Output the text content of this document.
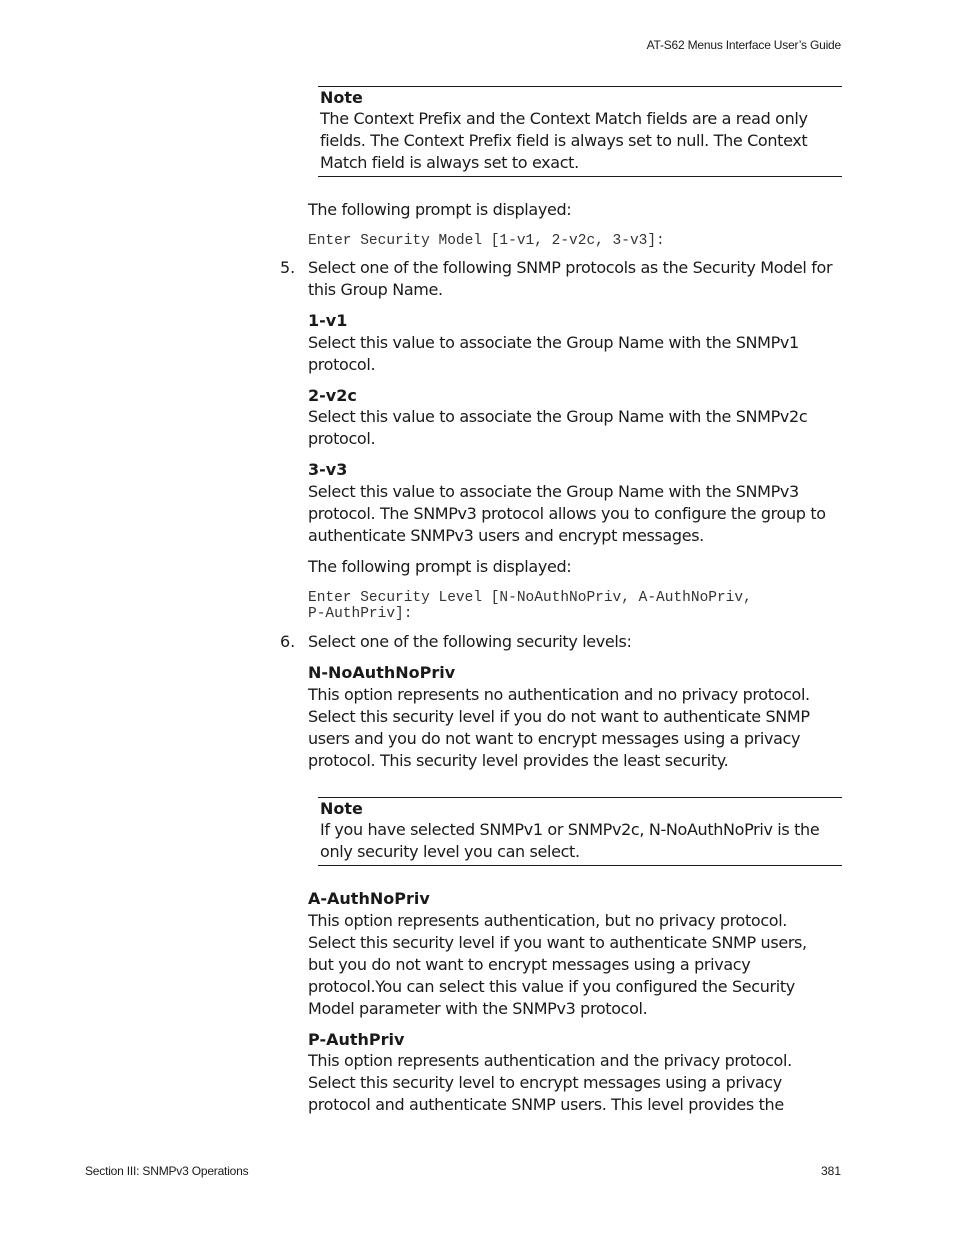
AT-S62 Menus Interface User’s Guide
Note
The Context Prefix and the Context Match fields are a read only fields. The Context Prefix field is always set to null. The Context Match field is always set to exact.
The following prompt is displayed:
Enter Security Model [1-v1, 2-v2c, 3-v3]:
5. Select one of the following SNMP protocols as the Security Model for this Group Name.
1-v1
Select this value to associate the Group Name with the SNMPv1 protocol.
2-v2c
Select this value to associate the Group Name with the SNMPv2c protocol.
3-v3
Select this value to associate the Group Name with the SNMPv3 protocol. The SNMPv3 protocol allows you to configure the group to authenticate SNMPv3 users and encrypt messages.
The following prompt is displayed:
Enter Security Level [N-NoAuthNoPriv, A-AuthNoPriv,
P-AuthPriv]:
6. Select one of the following security levels:
N-NoAuthNoPriv
This option represents no authentication and no privacy protocol. Select this security level if you do not want to authenticate SNMP users and you do not want to encrypt messages using a privacy protocol. This security level provides the least security.
Note
If you have selected SNMPv1 or SNMPv2c, N-NoAuthNoPriv is the only security level you can select.
A-AuthNoPriv
This option represents authentication, but no privacy protocol. Select this security level if you want to authenticate SNMP users, but you do not want to encrypt messages using a privacy protocol.You can select this value if you configured the Security Model parameter with the SNMPv3 protocol.
P-AuthPriv
This option represents authentication and the privacy protocol. Select this security level to encrypt messages using a privacy protocol and authenticate SNMP users. This level provides the
Section III: SNMPv3 Operations	381
